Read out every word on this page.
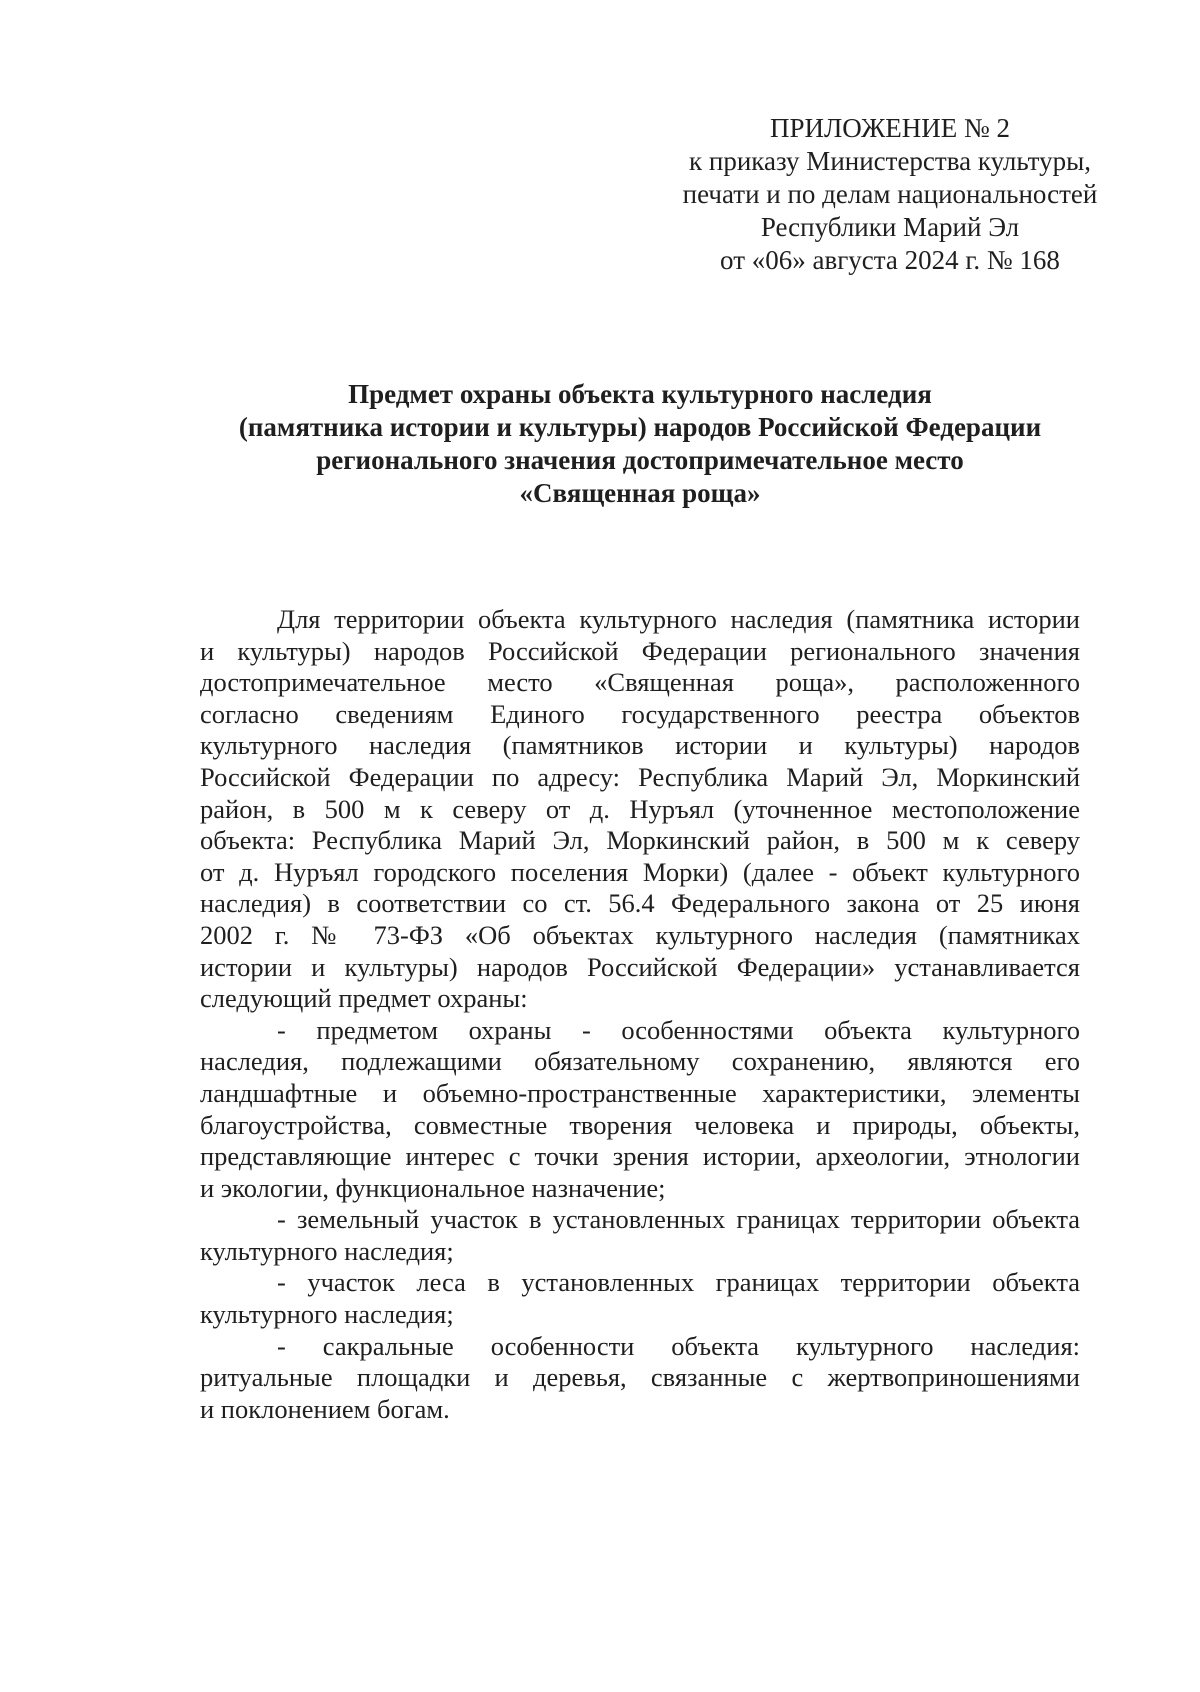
ПРИЛОЖЕНИЕ № 2
к приказу Министерства культуры,
печати и по делам национальностей
Республики Марий Эл
от «06» августа 2024 г. № 168
Предмет охраны объекта культурного наследия
(памятника истории и культуры) народов Российской Федерации
регионального значения достопримечательное место
«Священная роща»
Для территории объекта культурного наследия (памятника истории
и культуры) народов Российской Федерации регионального значения
достопримечательное место «Священная роща», расположенного
согласно сведениям Единого государственного реестра объектов
культурного наследия (памятников истории и культуры) народов
Российской Федерации по адресу: Республика Марий Эл, Моркинский
район, в 500 м к северу от д. Нуръял (уточненное местоположение
объекта: Республика Марий Эл, Моркинский район, в 500 м к северу
от д. Нуръял городского поселения Морки) (далее - объект культурного
наследия) в соответствии со ст. 56.4 Федерального закона от 25 июня
2002 г. № 73-ФЗ «Об объектах культурного наследия (памятниках
истории и культуры) народов Российской Федерации» устанавливается
следующий предмет охраны:
- предметом охраны - особенностями объекта культурного
наследия, подлежащими обязательному сохранению, являются его
ландшафтные и объемно-пространственные характеристики, элементы
благоустройства, совместные творения человека и природы, объекты,
представляющие интерес с точки зрения истории, археологии, этнологии
и экологии, функциональное назначение;
- земельный участок в установленных границах территории объекта
культурного наследия;
- участок леса в установленных границах территории объекта
культурного наследия;
- сакральные особенности объекта культурного наследия:
ритуальные площадки и деревья, связанные с жертвоприношениями
и поклонением богам.
